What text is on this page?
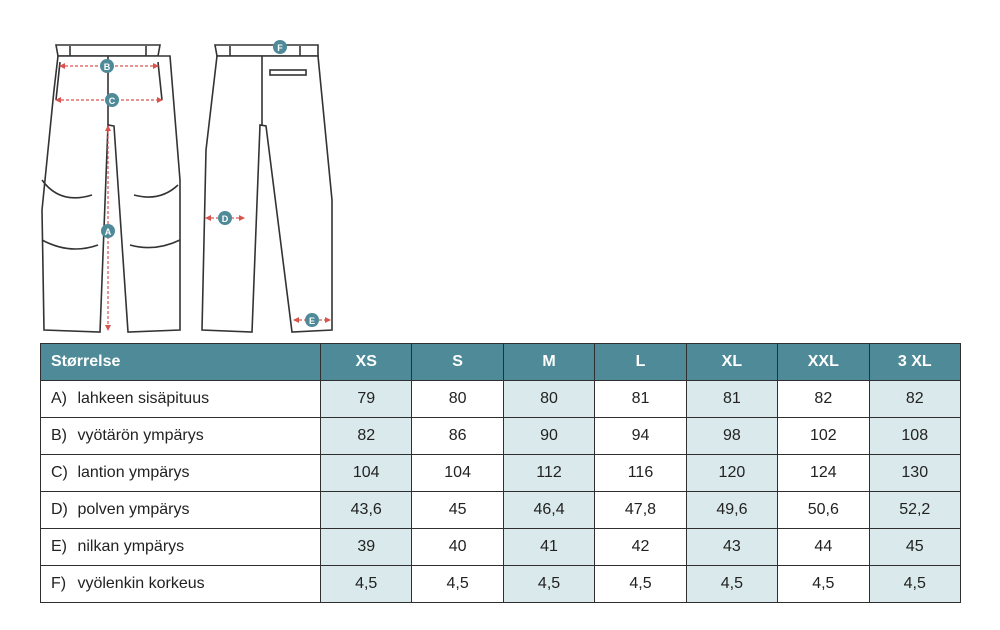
B
C
A
F
D
E
Størrelse	XS	S	M	L	XL	XXL	3 XL
A) lahkeen sisäpituus	79	80	80	81	81	82	82
B) vyötärön ympärys	82	86	90	94	98	102	108
C) lantion ympärys	104	104	112	116	120	124	130
D) polven ympärys	43,6	45	46,4	47,8	49,6	50,6	52,2
E) nilkan ympärys	39	40	41	42	43	44	45
F) vyölenkin korkeus	4,5	4,5	4,5	4,5	4,5	4,5	4,5
